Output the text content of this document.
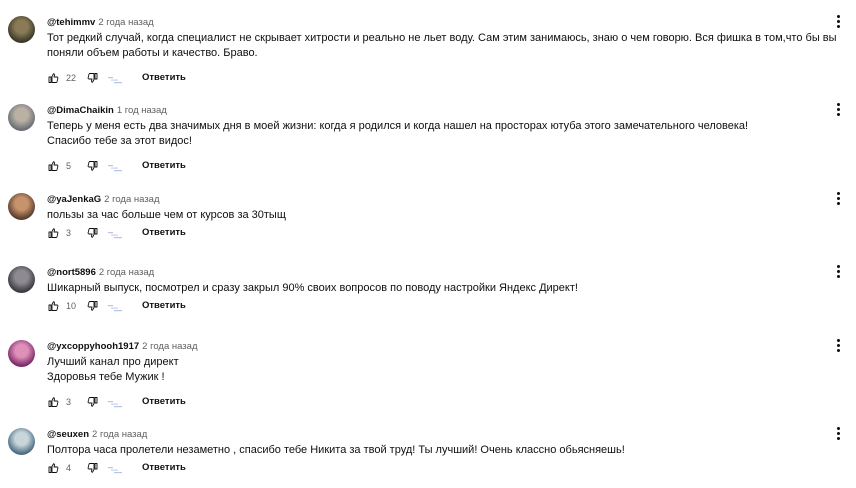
@tehimmv 2 года назад
Тот редкий случай, когда специалист не скрывает хитрости и реально не льет воду. Сам этим занимаюсь, знаю о чем говорю. Вся фишка в том,что бы вы
поняли объем работы и качество. Браво.
22	Ответить
@DimaChaikin 1 год назад
Теперь у меня есть два значимых дня в моей жизни: когда я родился и когда нашел на просторах ютуба этого замечательного человека!
Спасибо тебе за этот видос!
5	Ответить
@yaJenkaG 2 года назад
пользы за час больше чем от курсов за 30тыщ
3	Ответить
@nort5896 2 года назад
Шикарный выпуск, посмотрел и сразу закрыл 90% своих вопросов по поводу настройки Яндекс Директ!
10	Ответить
@yxcoppyhooh1917 2 года назад
Лучший канал про директ
Здоровья тебе Мужик !
3	Ответить
@seuxen 2 года назад
Полтора часа пролетели незаметно , спасибо тебе Никита за твой труд! Ты лучший! Очень классно обьясняешь!
4	Ответить
